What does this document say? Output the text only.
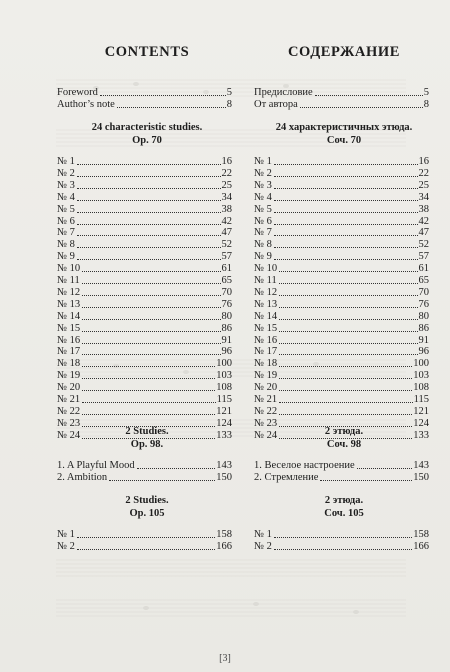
CONTENTS
Foreword	5
Author’s note	8
24 characteristic studies.
Op. 70
№ 1	16
№ 2	22
№ 3	25
№ 4	34
№ 5	38
№ 6	42
№ 7	47
№ 8	52
№ 9	57
№ 10	61
№ 11	65
№ 12	70
№ 13	76
№ 14	80
№ 15	86
№ 16	91
№ 17	96
№ 18	100
№ 19	103
№ 20	108
№ 21	115
№ 22	121
№ 23	124
№ 24	133
2 Studies.
Op. 98.
1. A Playful Mood	143
2. Ambition	150
2 Studies.
Op. 105
№ 1	158
№ 2	166
СОДЕРЖАНИЕ
Предисловие	5
От автора	8
24 характеристичных этюда.
Соч. 70
№ 1	16
№ 2	22
№ 3	25
№ 4	34
№ 5	38
№ 6	42
№ 7	47
№ 8	52
№ 9	57
№ 10	61
№ 11	65
№ 12	70
№ 13	76
№ 14	80
№ 15	86
№ 16	91
№ 17	96
№ 18	100
№ 19	103
№ 20	108
№ 21	115
№ 22	121
№ 23	124
№ 24	133
2 этюда.
Соч. 98
1. Веселое настроение	143
2. Стремление	150
2 этюда.
Соч. 105
№ 1	158
№ 2	166
[3]
